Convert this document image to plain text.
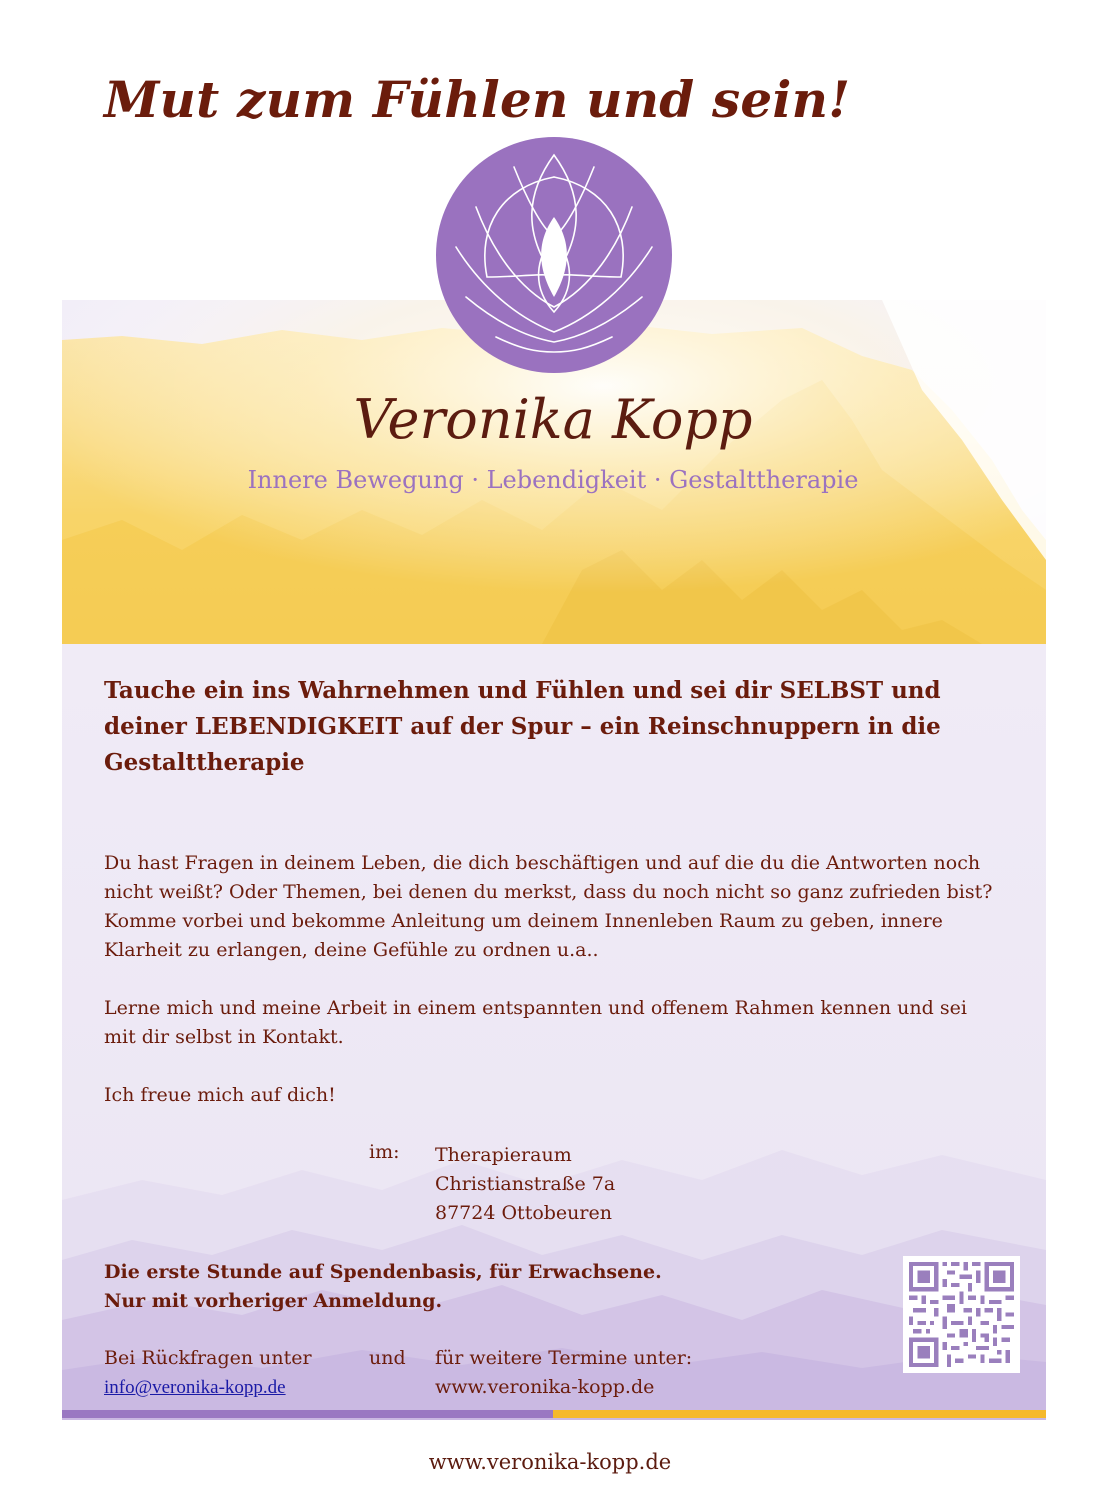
Mut zum Fühlen und sein!
Veronika Kopp
Innere Bewegung · Lebendigkeit · Gestalttherapie
Tauche ein ins Wahrnehmen und Fühlen und sei dir SELBST und deiner LEBENDIGKEIT auf der Spur – ein Reinschnuppern in die Gestalttherapie
Du hast Fragen in deinem Leben, die dich beschäftigen und auf die du die Antworten noch nicht weißt? Oder Themen, bei denen du merkst, dass du noch nicht so ganz zufrieden bist? Komme vorbei und bekomme Anleitung um deinem Innenleben Raum zu geben, innere Klarheit zu erlangen, deine Gefühle zu ordnen u.a..
Lerne mich und meine Arbeit in einem entspannten und offenem Rahmen kennen und sei mit dir selbst in Kontakt.
Ich freue mich auf dich!
im: Therapieraum
Christianstraße 7a
87724 Ottobeuren
Die erste Stunde auf Spendenbasis, für Erwachsene.
Nur mit vorheriger Anmeldung.
Bei Rückfragen unter
info@veronika-kopp.de
und für weitere Termine unter:
www.veronika-kopp.de
www.veronika-kopp.de
